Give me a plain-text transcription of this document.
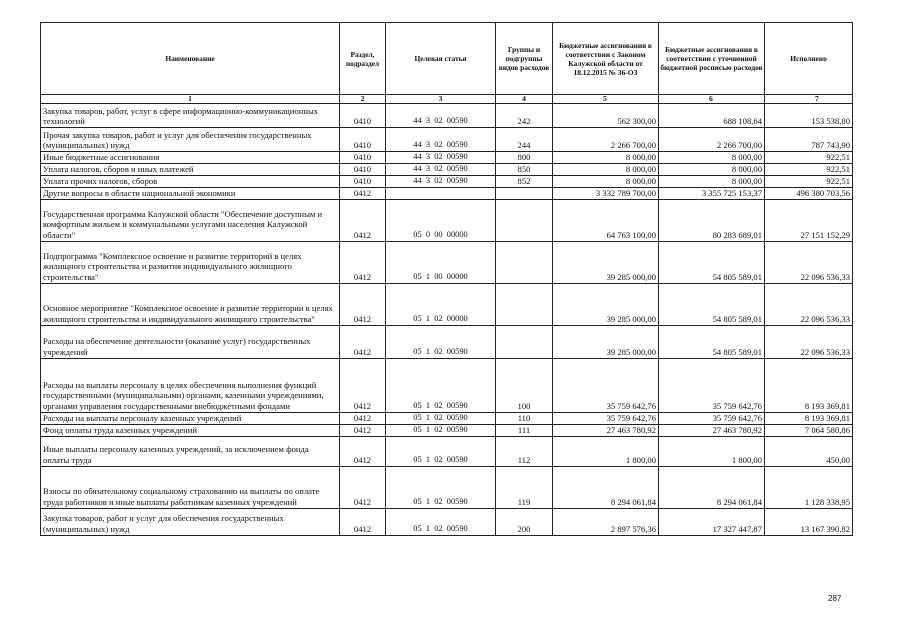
Наименование	Раздел, подраздел	Целевая статья	Группы и подгруппы видов расходов	Бюджетные ассигнования в соответствии с Законом Калужской области от 18.12.2015 № 36-ОЗ	Бюджетные ассигнования в соответствии с уточненной бюджетной росписью расходов	Исполнено
1	2	3	4	5	6	7
Закупка товаров, работ, услуг в сфере информационно-коммуникационных технологий	0410	44  3  02  00590	242	562 300,00	688 108,64	153 538,80
Прочая закупка товаров, работ и услуг для обеспечения государственных (муниципальных) нужд	0410	44  3  02  00590	244	2 266 700,00	2 266 700,00	787 743,90
Иные бюджетные ассигнования	0410	44  3  02  00590	800	8 000,00	8 000,00	922,51
Уплата налогов, сборов и иных платежей	0410	44  3  02  00590	850	8 000,00	8 000,00	922,51
Уплата прочих налогов, сборов	0410	44  3  02  00590	852	8 000,00	8 000,00	922,51
Другие вопросы в области национальной экономики	0412			3 332 789 700,00	3 355 725 153,37	496 380 703,56
Государственная программа Калужской области "Обеспечение доступным и комфортным жильем и коммунальными услугами населения Калужской области"	0412	05  0  00  00000		64 763 100,00	80 283 689,01	27 151 152,29
Подпрограмма "Комплексное освоение и развитие территорий в целях жилищного строительства и развития индивидуального жилищного строительства"	0412	05  1  00  00000		39 285 000,00	54 805 589,01	22 096 536,33
Основное мероприятие "Комплексное освоение и развитие территории в целях жилищного строительства и индивидуального жилищного строительства"	0412	05  1  02  00000		39 285 000,00	54 805 589,01	22 096 536,33
Расходы на обеспечение деятельности (оказание услуг) государственных учреждений	0412	05  1  02  00590		39 285 000,00	54 805 589,01	22 096 536,33
Расходы на выплаты персоналу в целях обеспечения выполнения функций государственными (муниципальными) органами, казенными учреждениями, органами управления государственными внебюджетными фондами	0412	05  1  02  00590	100	35 759 642,76	35 759 642,76	8 193 369,81
Расходы на выплаты персоналу казенных учреждений	0412	05  1  02  00590	110	35 759 642,76	35 759 642,76	8 193 369,81
Фонд оплаты труда казенных учреждений	0412	05  1  02  00590	111	27 463 780,92	27 463 780,92	7 064 580,86
Иные выплаты персоналу казенных учреждений, за исключением фонда оплаты труда	0412	05  1  02  00590	112	1 800,00	1 800,00	450,00
Взносы по обязательному социальному страхованию на выплаты по оплате труда работников и иные выплаты работникам казенных учреждений	0412	05  1  02  00590	119	8 294 061,84	8 294 061,84	1 128 338,95
Закупка товаров, работ и услуг для обеспечения государственных (муниципальных) нужд	0412	05  1  02  00590	200	2 897 576,36	17 327 447,87	13 167 390,82
287
